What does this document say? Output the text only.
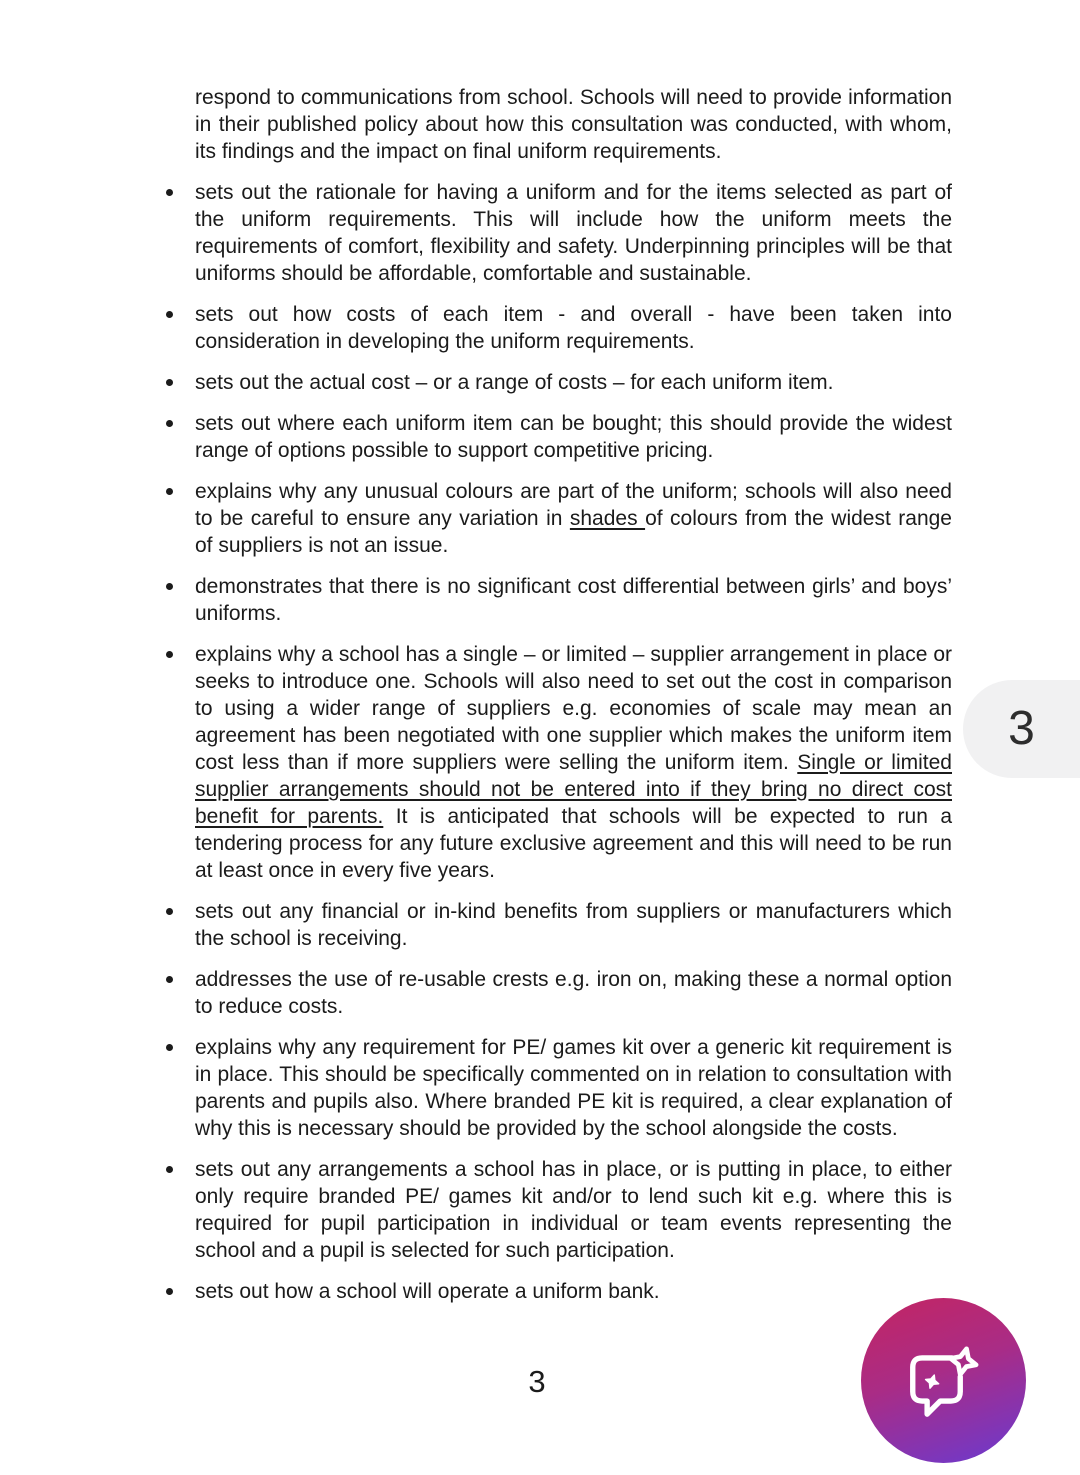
respond to communications from school. Schools will need to provide information in their published policy about how this consultation was conducted, with whom, its findings and the impact on final uniform requirements.

sets out the rationale for having a uniform and for the items selected as part of the uniform requirements. This will include how the uniform meets the requirements of comfort, flexibility and safety. Underpinning principles will be that uniforms should be affordable, comfortable and sustainable.
sets out how costs of each item - and overall - have been taken into consideration in developing the uniform requirements.
sets out the actual cost – or a range of costs – for each uniform item.
sets out where each uniform item can be bought; this should provide the widest range of options possible to support competitive pricing.
explains why any unusual colours are part of the uniform; schools will also need to be careful to ensure any variation in shades of colours from the widest range of suppliers is not an issue.
demonstrates that there is no significant cost differential between girls’ and boys’ uniforms.
explains why a school has a single – or limited – supplier arrangement in place or seeks to introduce one. Schools will also need to set out the cost in comparison to using a wider range of suppliers e.g. economies of scale may mean an agreement has been negotiated with one supplier which makes the uniform item cost less than if more suppliers were selling the uniform item. Single or limited supplier arrangements should not be entered into if they bring no direct cost benefit for parents. It is anticipated that schools will be expected to run a tendering process for any future exclusive agreement and this will need to be run at least once in every five years.
sets out any financial or in-kind benefits from suppliers or manufacturers which the school is receiving.
addresses the use of re-usable crests e.g. iron on, making these a normal option to reduce costs.
explains why any requirement for PE/ games kit over a generic kit requirement is in place. This should be specifically commented on in relation to consultation with parents and pupils also. Where branded PE kit is required, a clear explanation of why this is necessary should be provided by the school alongside the costs.
sets out any arrangements a school has in place, or is putting in place, to either only require branded PE/ games kit and/or to lend such kit e.g. where this is required for pupil participation in individual or team events representing the school and a pupil is selected for such participation.
sets out how a school will operate a uniform bank.
3
3
